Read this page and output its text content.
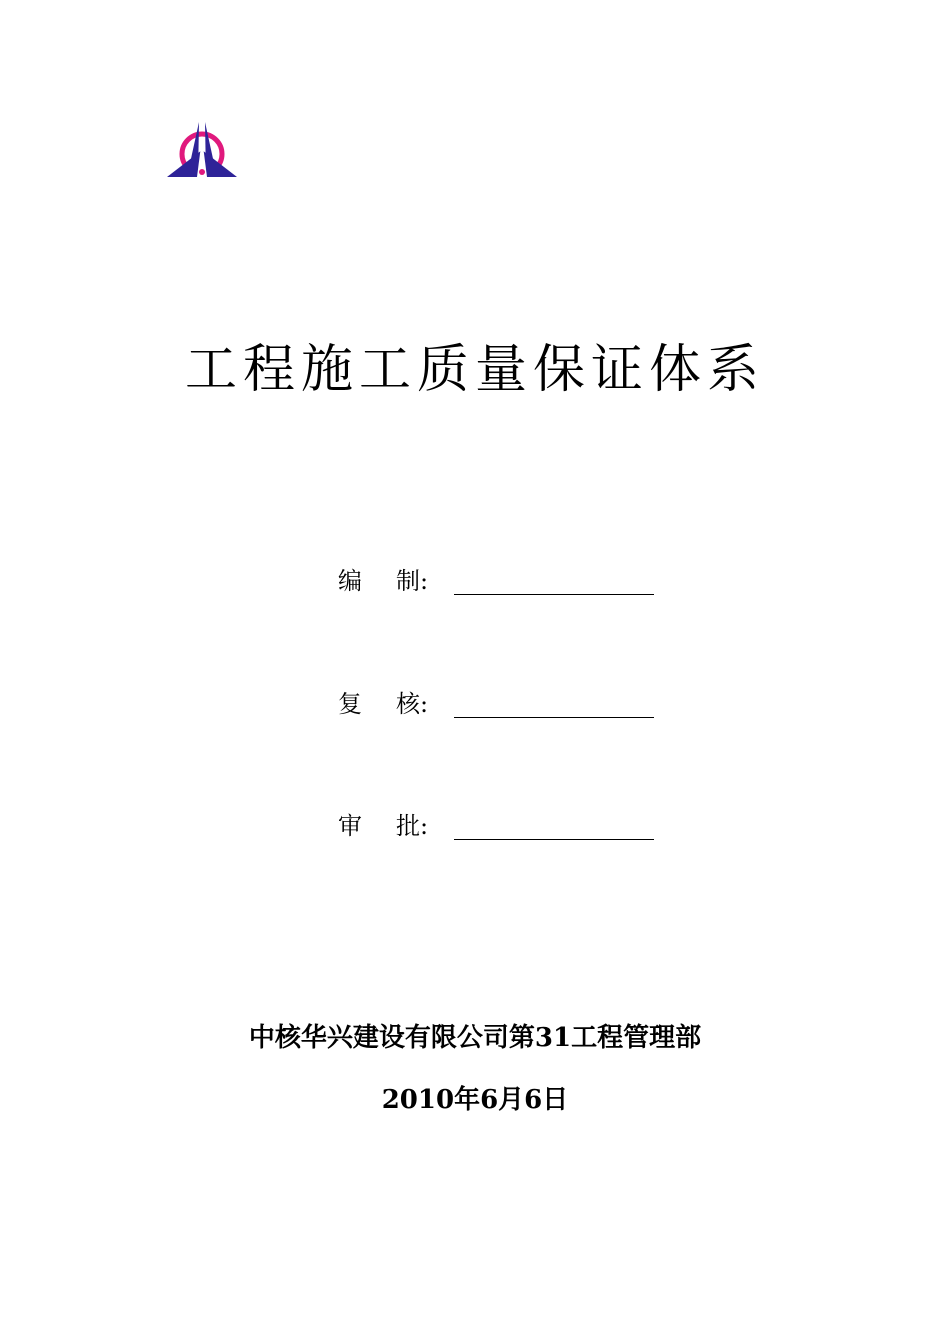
工程施工质量保证体系
编 制:
复 核:
审 批:
中核华兴建设有限公司第31工程管理部
2010年6月6日
